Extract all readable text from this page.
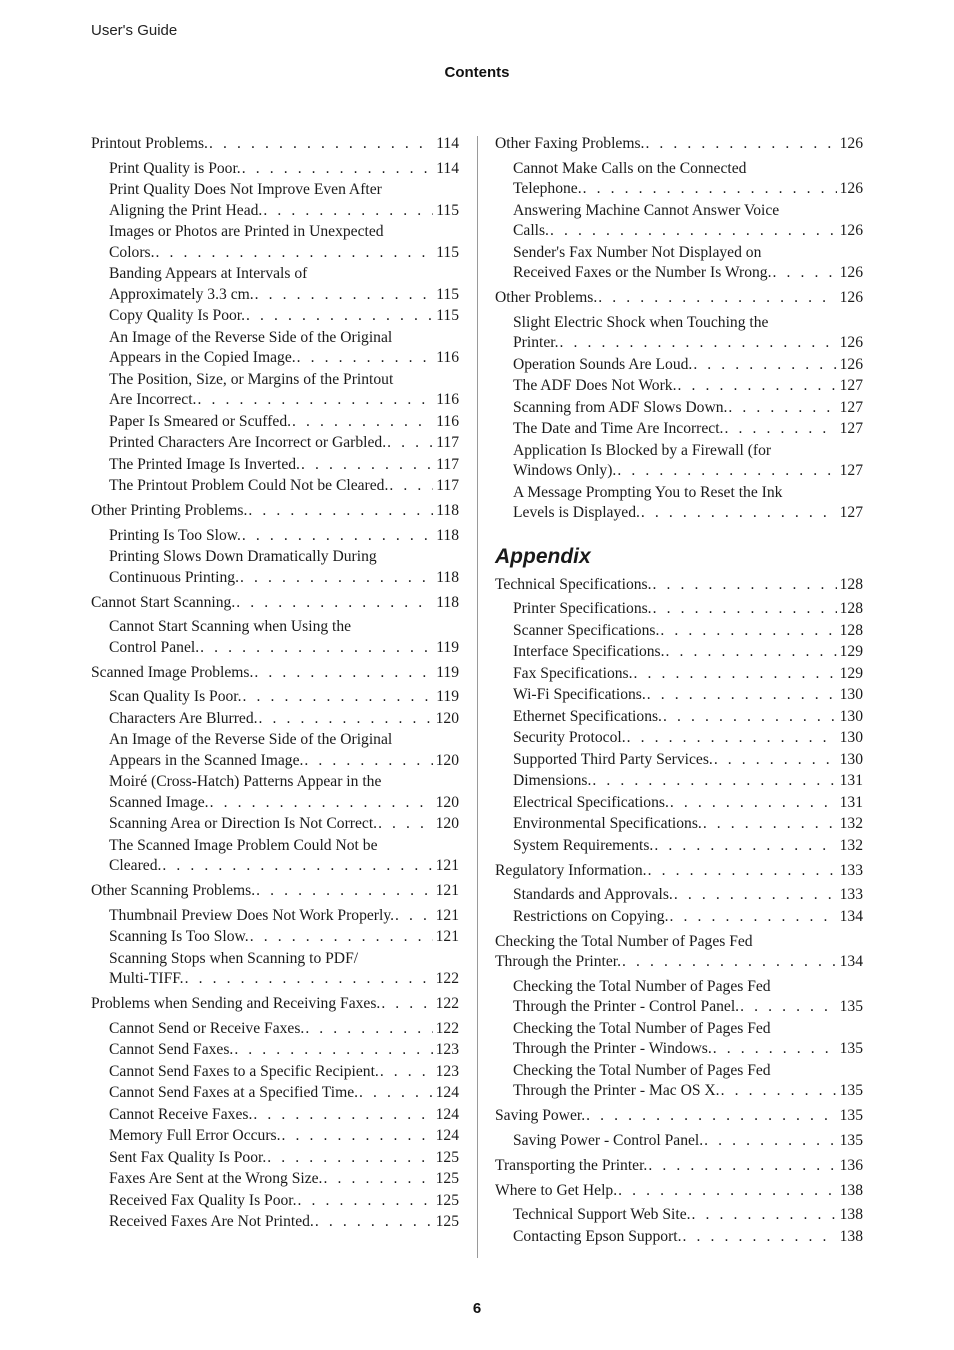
User's Guide
Contents
Printout Problems. . . .	114
Print Quality is Poor. . . .	114
Print Quality Does Not Improve Even After
Aligning the Print Head. . . .	115
Images or Photos are Printed in Unexpected
Colors. . . .	115
Banding Appears at Intervals of
Approximately 3.3 cm. . . .	115
Copy Quality Is Poor. . . .	115
An Image of the Reverse Side of the Original
Appears in the Copied Image. . . .	116
The Position, Size, or Margins of the Printout
Are Incorrect. . . .	116
Paper Is Smeared or Scuffed. . . .	116
Printed Characters Are Incorrect or Garbled. . . .	117
The Printed Image Is Inverted. . . .	117
The Printout Problem Could Not be Cleared. . . .	117
Other Printing Problems. . . .	118
Printing Is Too Slow. . . .	118
Printing Slows Down Dramatically During
Continuous Printing. . . .	118
Cannot Start Scanning. . . .	118
Cannot Start Scanning when Using the
Control Panel. . . .	119
Scanned Image Problems. . . .	119
Scan Quality Is Poor. . . .	119
Characters Are Blurred. . . .	120
An Image of the Reverse Side of the Original
Appears in the Scanned Image. . . .	120
Moiré (Cross-Hatch) Patterns Appear in the
Scanned Image. . . .	120
Scanning Area or Direction Is Not Correct. . . .	120
The Scanned Image Problem Could Not be
Cleared. . . .	121
Other Scanning Problems. . . .	121
Thumbnail Preview Does Not Work Properly. . . .	121
Scanning Is Too Slow. . . .	121
Scanning Stops when Scanning to PDF/
Multi-TIFF. . . .	122
Problems when Sending and Receiving Faxes. . . .	122
Cannot Send or Receive Faxes. . . .	122
Cannot Send Faxes. . . .	123
Cannot Send Faxes to a Specific Recipient. . . .	123
Cannot Send Faxes at a Specified Time. . . .	124
Cannot Receive Faxes. . . .	124
Memory Full Error Occurs. . . .	124
Sent Fax Quality Is Poor. . . .	125
Faxes Are Sent at the Wrong Size. . . .	125
Received Fax Quality Is Poor. . . .	125
Received Faxes Are Not Printed. . . .	125
Other Faxing Problems. . . .	126
Cannot Make Calls on the Connected
Telephone. . . .	126
Answering Machine Cannot Answer Voice
Calls. . . .	126
Sender's Fax Number Not Displayed on
Received Faxes or the Number Is Wrong. . . .	126
Other Problems. . . .	126
Slight Electric Shock when Touching the
Printer. . . .	126
Operation Sounds Are Loud. . . .	126
The ADF Does Not Work. . . .	127
Scanning from ADF Slows Down. . . .	127
The Date and Time Are Incorrect. . . .	127
Application Is Blocked by a Firewall (for
Windows Only). . . .	127
A Message Prompting You to Reset the Ink
Levels is Displayed. . . .	127
Appendix
Technical Specifications. . . .	128
Printer Specifications. . . .	128
Scanner Specifications. . . .	128
Interface Specifications. . . .	129
Fax Specifications. . . .	129
Wi-Fi Specifications. . . .	130
Ethernet Specifications. . . .	130
Security Protocol. . . .	130
Supported Third Party Services. . . .	130
Dimensions. . . .	131
Electrical Specifications. . . .	131
Environmental Specifications. . . .	132
System Requirements. . . .	132
Regulatory Information. . . .	133
Standards and Approvals. . . .	133
Restrictions on Copying. . . .	134
Checking the Total Number of Pages Fed
Through the Printer. . . .	134
Checking the Total Number of Pages Fed
Through the Printer - Control Panel. . . .	135
Checking the Total Number of Pages Fed
Through the Printer - Windows. . . .	135
Checking the Total Number of Pages Fed
Through the Printer - Mac OS X. . . .	135
Saving Power. . . .	135
Saving Power - Control Panel. . . .	135
Transporting the Printer. . . .	136
Where to Get Help. . . .	138
Technical Support Web Site. . . .	138
Contacting Epson Support. . . .	138
6
